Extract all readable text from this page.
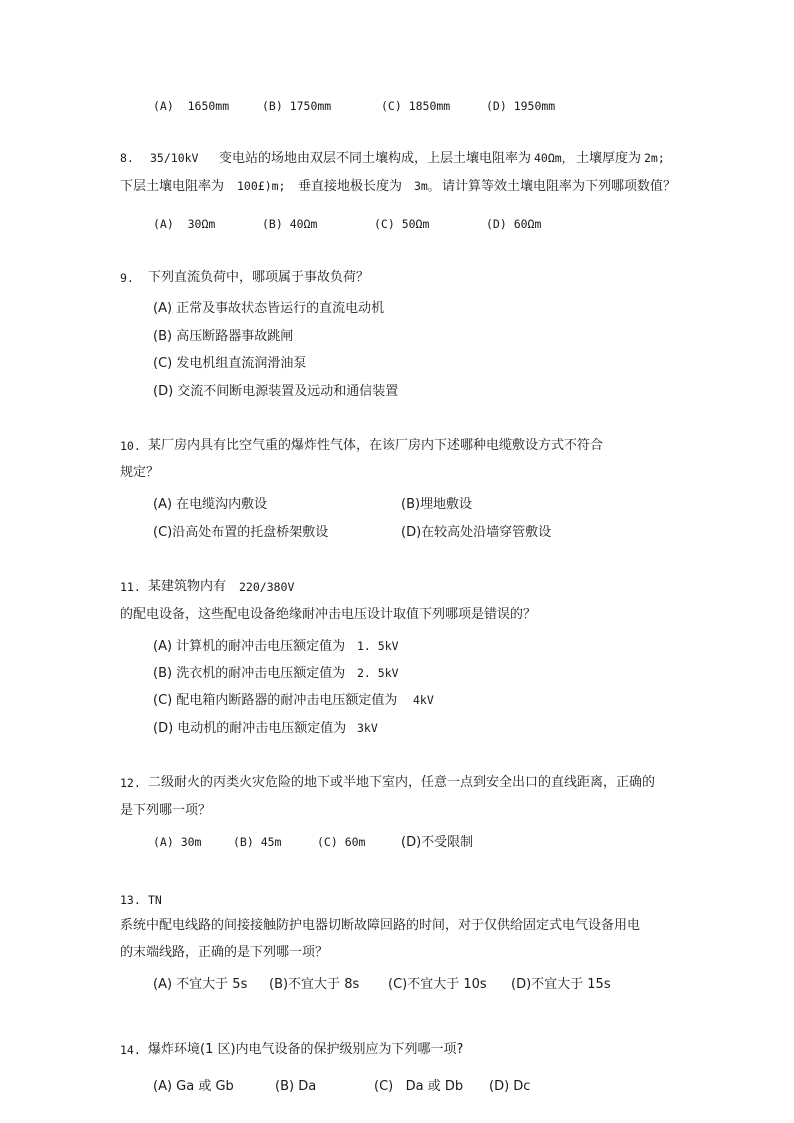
(A)  1650mm	(B) 1750mm	(C) 1850mm	(D) 1950mm
8. 35/10kV 变电站的场地由双层不同土壤构成，上层土壤电阻率为 40Ωm， 土壤厚度为 2m;
下层土壤电阻率为 100£)m; 垂直接地极长度为 3m。 请计算等效土壤电阻率为下列哪项数值？
(A)  30Ωm	(B) 40Ωm	(C) 50Ωm	(D) 60Ωm
9. 下列直流负荷中，哪项属于事故负荷？
(A) 正常及事故状态皆运行的直流电动机
(B) 高压断路器事故跳闸
(C) 发电机组直流润滑油泵
(D) 交流不间断电源装置及远动和通信装置
10. 某厂房内具有比空气重的爆炸性气体，在该厂房内下述哪种电缆敷设方式不符合
规定？
(A) 在电缆沟内敷设	(B)埋地敷设
(C)沿高处布置的托盘桥架敷设	(D)在较高处沿墙穿管敷设
11. 某建筑物内有 220/380V
的配电设备，这些配电设备绝缘耐冲击电压设计取值下列哪项是错误的？
(A) 计算机的耐冲击电压额定值为 1. 5kV
(B) 洗衣机的耐冲击电压额定值为 2. 5kV
(C) 配电箱内断路器的耐冲击电压额定值为 4kV
(D) 电动机的耐冲击电压额定值为 3kV
12. 二级耐火的丙类火灾危险的地下或半地下室内，任意一点到安全出口的直线距离，正确的
是下列哪一项？
(A) 30m	(B) 45m	(C) 60m	(D)不受限制
13. TN
系统中配电线路的间接接触防护电器切断故障回路的时间，对于仅供给固定式电气设备用电
的末端线路，正确的是下列哪一项？
(A) 不宜大于 5s (B)不宜大于 8s (C)不宜大于 10s (D)不宜大于 15s
14. 爆炸环境(1 区)内电气设备的保护级别应为下列哪一项?
(A) Ga 或 Gb	(B) Da	(C)   Da 或 Db (D) Dc
